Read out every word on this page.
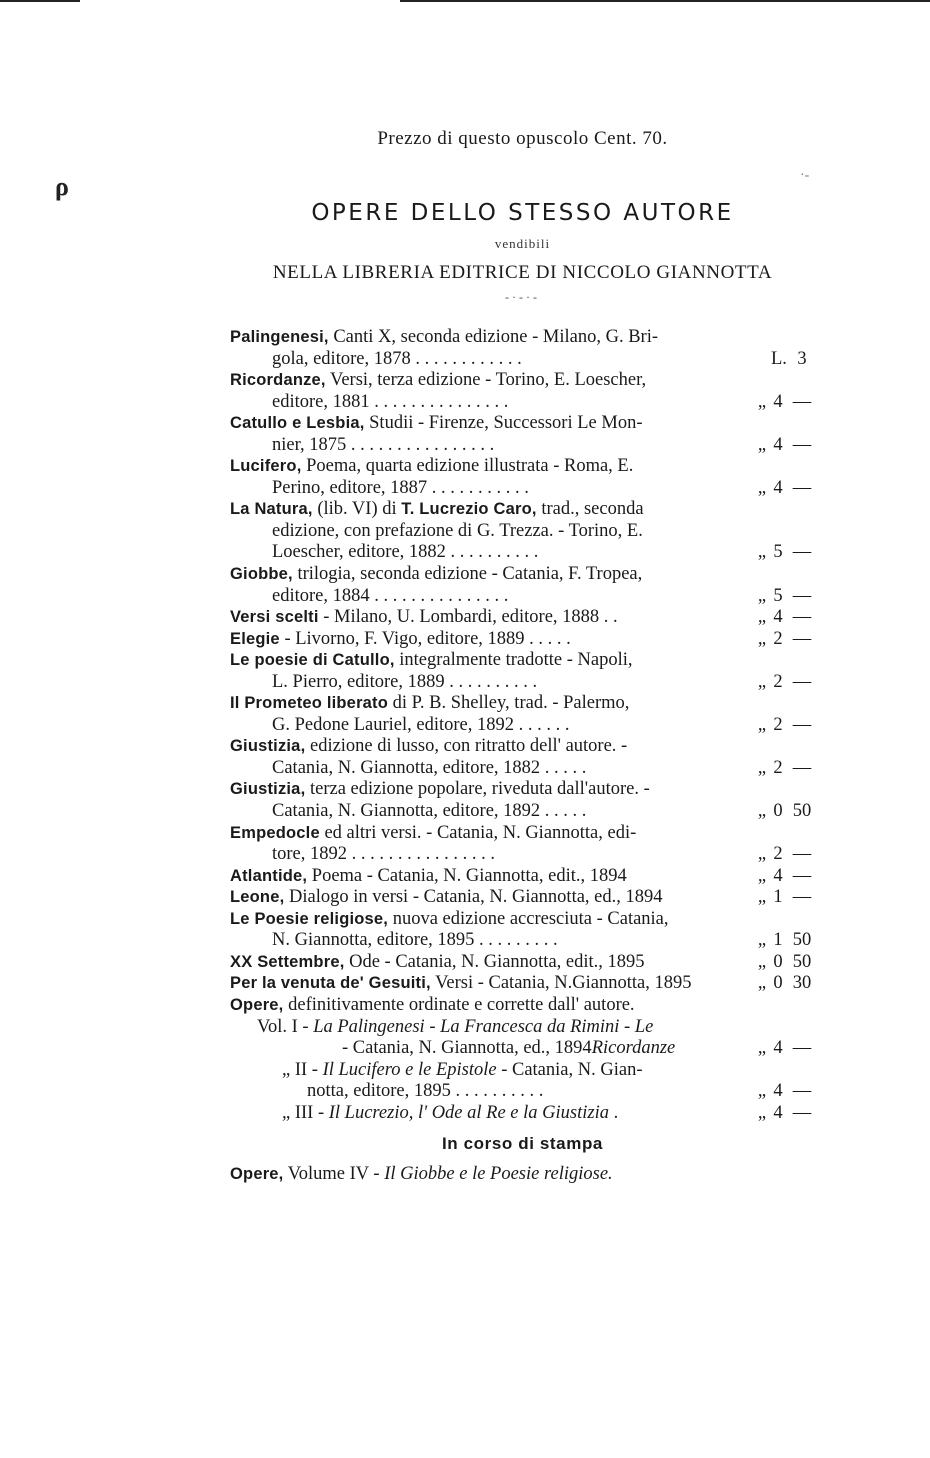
ρ	·-
Prezzo di questo opuscolo Cent. 70.
OPERE DELLO STESSO AUTORE
vendibili
NELLA LIBRERIA EDITRICE DI NICCOLO GIANNOTTA
-·-·-
Palingenesi, Canti X, seconda edizione - Milano, G. Bri-
gola, editore, 1878 . . . . . . . . . . . .	L. 3
Ricordanze, Versi, terza edizione - Torino, E. Loescher,
editore, 1881 . . . . . . . . . . . . . . .	„ 4 —
Catullo e Lesbia, Studii - Firenze, Successori Le Mon-
nier, 1875 . . . . . . . . . . . . . . . .	„ 4 —
Lucifero, Poema, quarta edizione illustrata - Roma, E.
Perino, editore, 1887 . . . . . . . . . . .	„ 4 —
La Natura, (lib. VI) di T. Lucrezio Caro, trad., seconda
edizione, con prefazione di G. Trezza. - Torino, E.
Loescher, editore, 1882 . . . . . . . . . .	„ 5 —
Giobbe, trilogia, seconda edizione - Catania, F. Tropea,
editore, 1884 . . . . . . . . . . . . . . .	„ 5 —
Versi scelti - Milano, U. Lombardi, editore, 1888 . .	„ 4 —
Elegie - Livorno, F. Vigo, editore, 1889 . . . . .	„ 2 —
Le poesie di Catullo, integralmente tradotte - Napoli,
L. Pierro, editore, 1889 . . . . . . . . . .	„ 2 —
Il Prometeo liberato di P. B. Shelley, trad. - Palermo,
G. Pedone Lauriel, editore, 1892 . . . . . .	„ 2 —
Giustizia, edizione di lusso, con ritratto dell' autore. -
Catania, N. Giannotta, editore, 1882 . . . . .	„ 2 —
Giustizia, terza edizione popolare, riveduta dall'autore. -
Catania, N. Giannotta, editore, 1892 . . . . .	„ 0 50
Empedocle ed altri versi. - Catania, N. Giannotta, edi-
tore, 1892 . . . . . . . . . . . . . . . .	„ 2 —
Atlantide, Poema - Catania, N. Giannotta, edit., 1894	„ 4 —
Leone, Dialogo in versi - Catania, N. Giannotta, ed., 1894	„ 1 —
Le Poesie religiose, nuova edizione accresciuta - Catania,
N. Giannotta, editore, 1895 . . . . . . . . .	„ 1 50
XX Settembre, Ode - Catania, N. Giannotta, edit., 1895	„ 0 50
Per la venuta de' Gesuiti, Versi - Catania, N.Giannotta, 1895	„ 0 30
Opere, definitivamente ordinate e corrette dall' autore.
Vol. I - La Palingenesi - La Francesca da Rimini - Le
- Catania, N. Giannotta, ed., 1894Ricordanze	„ 4 —
„ II - Il Lucifero e le Epistole - Catania, N. Gian-
notta, editore, 1895 . . . . . . . . . .	„ 4 —
„ III - Il Lucrezio, l' Ode al Re e la Giustizia .	„ 4 —
In corso di stampa
Opere, Volume IV - Il Giobbe e le Poesie religiose.
